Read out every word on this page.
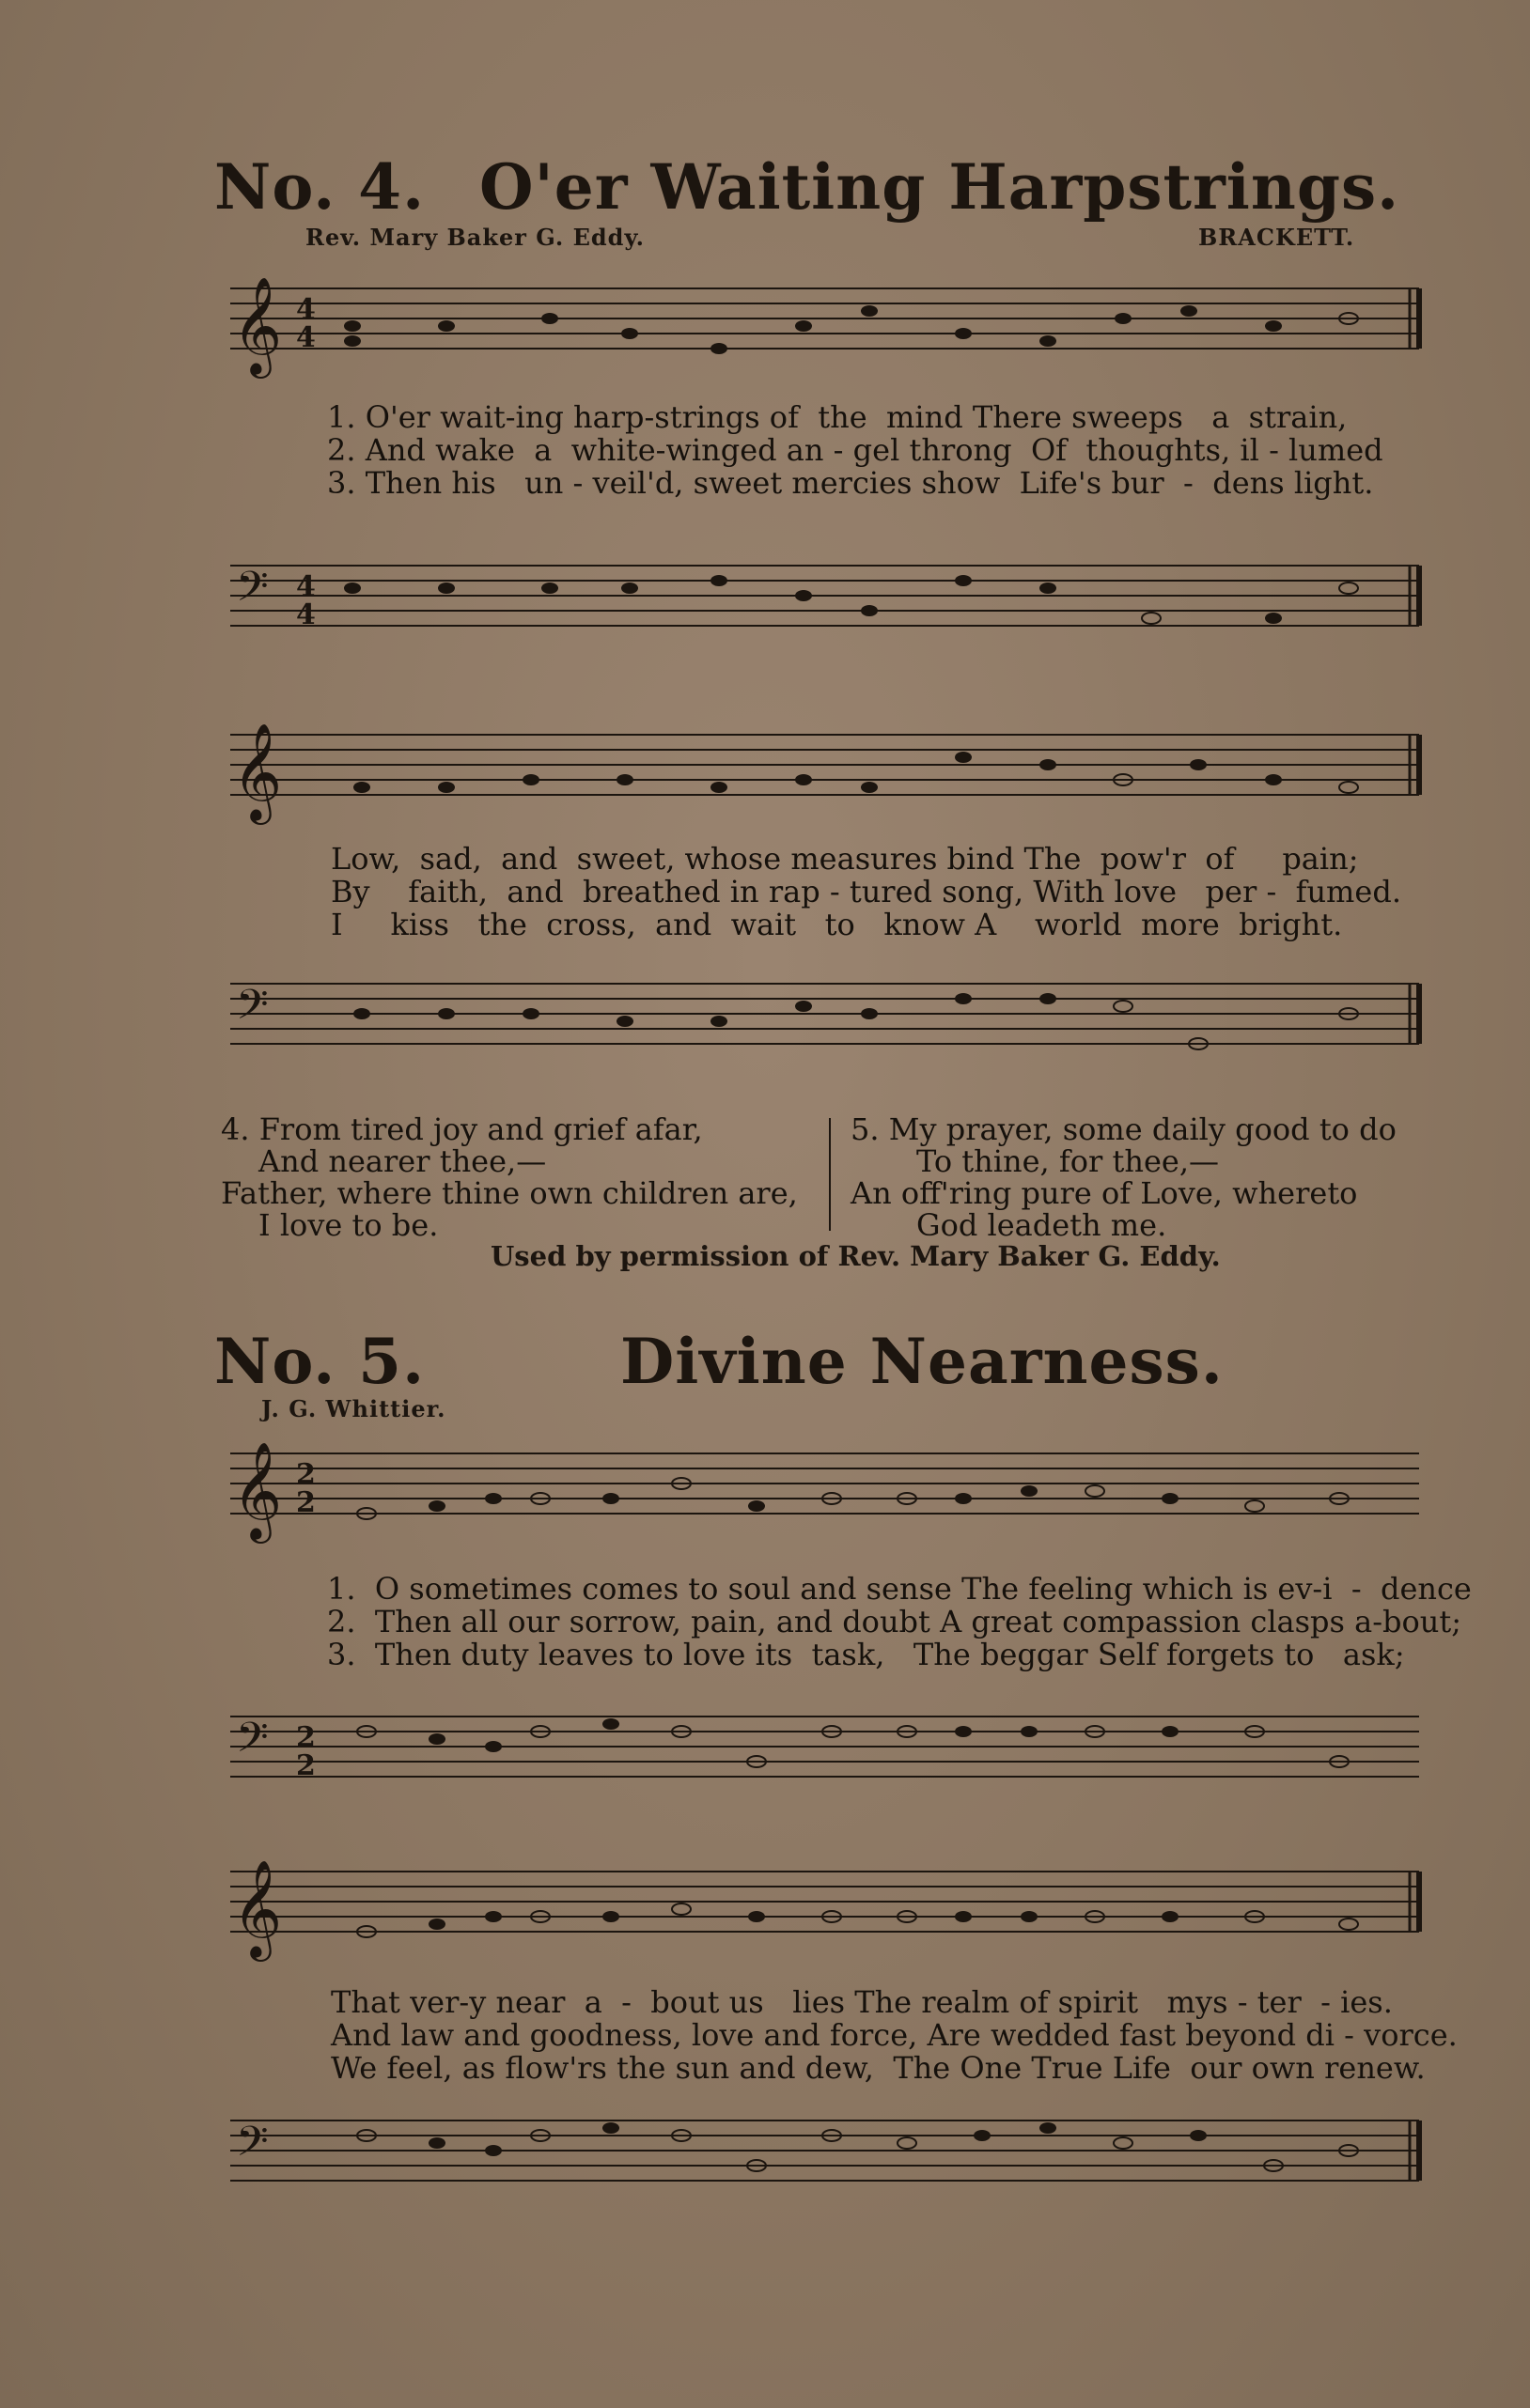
No. 4. O'er Waiting Harpstrings.
Rev. Mary Baker G. Eddy.	BRACKETT.
𝄞 4
4
1. O'er wait-ing harp-strings of  the  mind There sweeps   a  strain,
2. And wake  a  white-winged an - gel throng  Of  thoughts, il - lumed
3. Then his   un - veil'd, sweet mercies show  Life's bur  -  dens light.
𝄢 4
4
𝄞
Low,  sad,  and  sweet, whose measures bind The  pow'r  of     pain;
By    faith,  and  breathed in rap - tured song, With love   per -  fumed.
I     kiss   the  cross,  and  wait   to   know A    world  more  bright.
𝄢
4. From tired joy and grief afar,
And nearer thee,—
Father, where thine own children are,
I love to be.
5. My prayer, some daily good to do
To thine, for thee,—
An off'ring pure of Love, whereto
God leadeth me.
Used by permission of Rev. Mary Baker G. Eddy.
No. 5.	Divine Nearness.
J. G. Whittier.
𝄞 2
2
1.  O sometimes comes to soul and sense The feeling which is ev-i  -  dence
2.  Then all our sorrow, pain, and doubt A great compassion clasps a-bout;
3.  Then duty leaves to love its  task,   The beggar Self forgets to   ask;
𝄢 2
2
𝄞
That ver-y near  a  -  bout us   lies The realm of spirit   mys - ter  - ies.
And law and goodness, love and force, Are wedded fast beyond di - vorce.
We feel, as flow'rs the sun and dew,  The One True Life  our own renew.
𝄢
